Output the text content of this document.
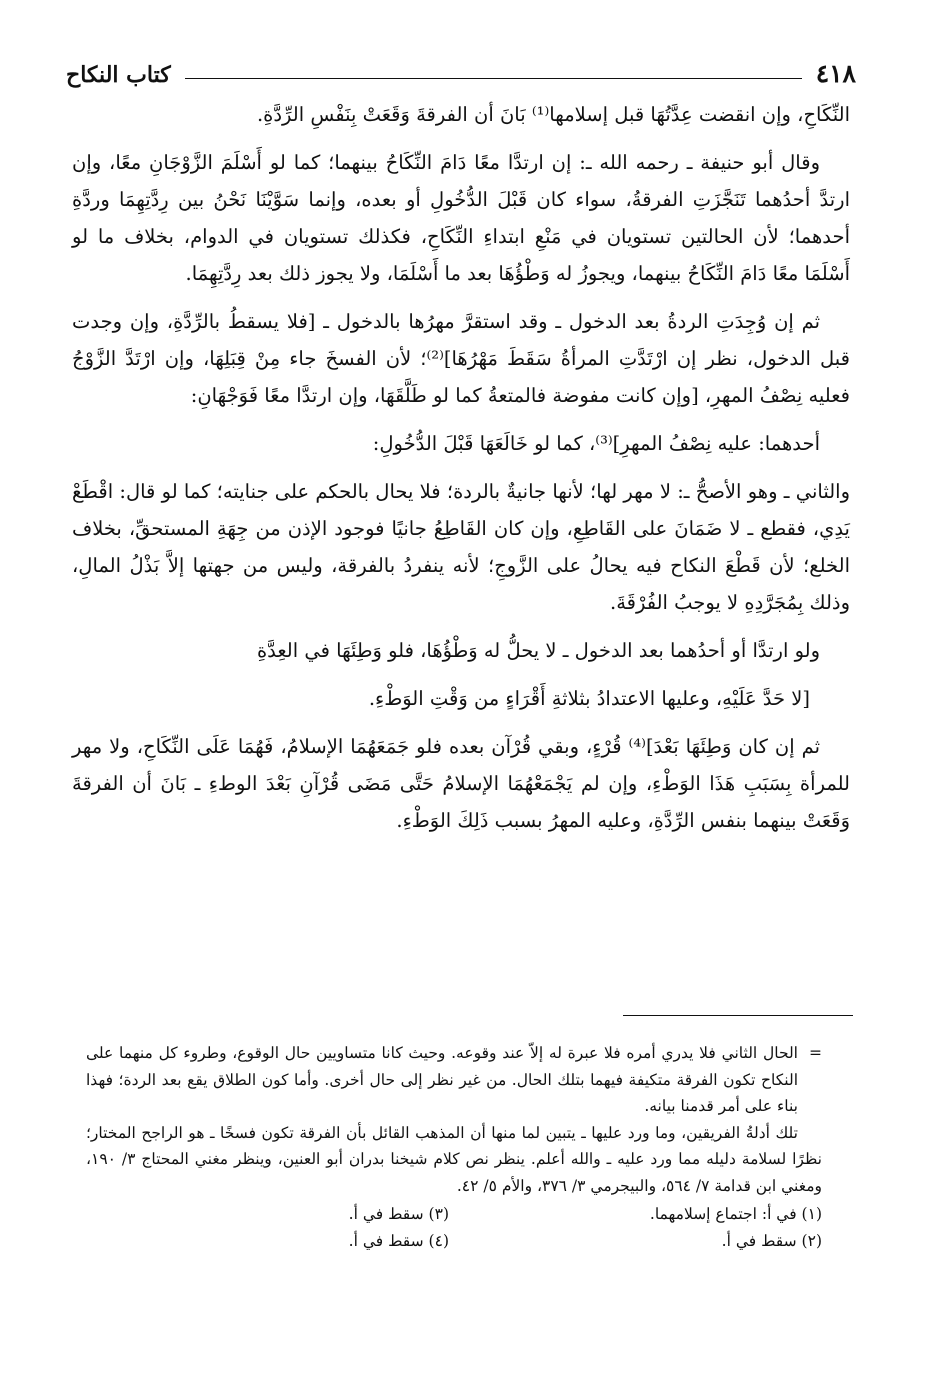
٤١٨
كتاب النكاح

النِّكَاحِ، وإن انقضت عِدَّتُهَا قبل إسلامها⁽¹⁾ بَانَ أن الفرقةَ وَقَعَتْ بِنَفْسِ الرِّدَّةِ.

وقال أبو حنيفة ـ رحمه الله ـ: إن ارتدَّا معًا دَامَ النِّكَاحُ بينهما؛ كما لو أَسْلَمَ الزَّوْجَانِ معًا، وإن ارتدَّ أحدُهما تَنَجَّزَتِ الفرقةُ، سواء كان قَبْلَ الدُّخُولِ أو بعده، وإنما سَوَّيْنَا نَحْنُ بين رِدَّتِهِمَا وردَّةِ أحدهما؛ لأن الحالتين تستويان في مَنْعِ ابتداءِ النِّكَاحِ، فكذلك تستويان في الدوام، بخلاف ما لو أَسْلَمَا معًا دَامَ النِّكَاحُ بينهما، ويجوزُ له وَطْؤُهَا بعد ما أَسْلَمَا، ولا يجوز ذلك بعد رِدَّتِهِمَا.

ثم إن وُجِدَتِ الردةُ بعد الدخول ـ وقد استقرَّ مهرُها بالدخول ـ [فلا يسقطُ بالرِّدَّةِ، وإن وجدت قبل الدخول، نظر إن ارْتَدَّتِ المرأةُ سَقَطَ مَهْرُهَا]⁽²⁾؛ لأن الفسخَ جاء مِنْ قِبَلِهَا، وإن ارْتَدَّ الزَّوْجُ فعليه نِصْفُ المهرِ، [وإن كانت مفوضة فالمتعةُ كما لو طَلَّقَهَا، وإن ارتدَّا معًا فَوَجْهَانِ:

أحدهما: عليه نِصْفُ المهرِ]⁽³⁾، كما لو خَالَعَهَا قَبْلَ الدُّخُولِ:

والثاني ـ وهو الأصحُّ ـ: لا مهر لها؛ لأنها جانيةٌ بالردة؛ فلا يحال بالحكم على جنايته؛ كما لو قال: اقْطَعْ يَدِي، فقطع ـ لا ضَمَانَ على القَاطِعِ، وإن كان القَاطِعُ جانيًا فوجود الإذن من جِهَةِ المستحقِّ، بخلاف الخلع؛ لأن قَطْعَ النكاح فيه يحالُ على الزَّوجِ؛ لأنه ينفردُ بالفرقة، وليس من جهتها إلاَّ بَذْلُ المالِ، وذلك بِمُجَرَّدِهِ لا يوجبُ الفُرْقَةَ.

ولو ارتدَّا أو أحدُهما بعد الدخول ـ لا يحلُّ له وَطْؤُهَا، فلو وَطِئَهَا في العِدَّةِ

[لا حَدَّ عَلَيْهِ، وعليها الاعتدادُ بثلاثةِ أَقْرَاءٍ من وَقْتِ الوَطْءِ.

ثم إن كان وَطِئَهَا بَعْدَ]⁽⁴⁾ قُرْءٍ، وبقي قُرْآن بعده فلو جَمَعَهُمَا الإسلامُ، فَهُمَا عَلَى النِّكَاحِ، ولا مهر للمرأة بِسَبَبِ هَذَا الوَطْءِ، وإن لم يَجْمَعْهُمَا الإسلامُ حَتَّى مَضَى قُرْآنِ بَعْدَ الوطءِ ـ بَانَ أن الفرقةَ وَقَعَتْ بينهما بنفس الرِّدَّةِ، وعليه المهرُ بسبب ذَلِكَ الوَطْءِ.

=

الحال الثاني فلا يدري أمره فلا عبرة له إلاّ عند وقوعه. وحيث كانا متساويين حال الوقوع، وطروء كل منهما على النكاح تكون الفرقة متكيفة فيهما بتلك الحال. من غير نظر إلى حال أخرى. وأما كون الطلاق يقع بعد الردة؛ فهذا بناء على أمر قدمنا بيانه.

تلك أدلةُ الفريقين، وما ورد عليها ـ يتبين لما منها أن المذهب القائل بأن الفرقة تكون فسخًا ـ هو الراجح المختار؛ نظرًا لسلامة دليله مما ورد عليه ـ والله أعلم. ينظر نص كلام شيخنا بدران أبو العنين، وينظر مغني المحتاج ٣/ ١٩٠، ومغني ابن قدامة ٧/ ٥٦٤، والبيجرمي ٣/ ٣٧٦، والأم ٥/ ٤٢.

(١) في أ: اجتماع إسلامهما.
(٣) سقط في أ.
(٢) سقط في أ.
(٤) سقط في أ.
